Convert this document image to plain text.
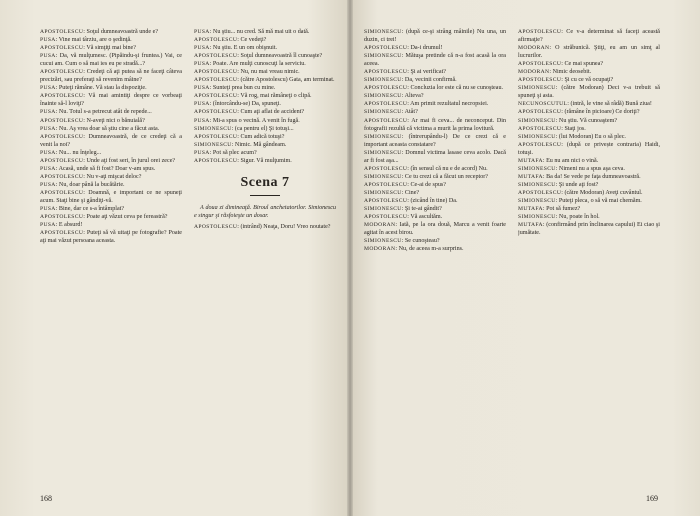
APOSTOLESCU: Soţul dumneavoastră unde e?

PUSA: Vine mai târziu, are o şedinţă.

APOSTOLESCU: Vă simţiţi mai bine?

PUSA: Da, vă mulţumesc. (Pipăindu-şi fruntea.) Vai, ce cucui am. Cum o să mai ies eu pe stradă...?

APOSTOLESCU: Credeţi că aţi putea să ne faceţi câteva precizări, sau preferaţi să revenim mâine?

PUSA: Puteţi rămâne. Vă stau la dispoziţie.

APOSTOLESCU: Vă mai amintiţi despre ce vorbeaţi înainte să-l loviţi?

PUSA: Nu. Totul s-a petrecut atât de repede...

APOSTOLESCU: N-aveţi nici o bănuială?

PUSA: Nu. Aş vrea doar să ştiu cine a făcut asta.

APOSTOLESCU: Dumneavoastră, de ce credeţi că a venit la noi?

PUSA: Nu... nu înţeleg...

APOSTOLESCU: Unde aţi fost seri, în jurul orei zece?

PUSA: Acasă, unde să fi fost? Doar v-am spus.

APOSTOLESCU: Nu v-aţi mişcat deloc?

PUSA: Nu, doar până la bucătărie.

APOSTOLESCU: Doamnă, e important ce ne spuneţi acum. Staţi bine şi gândiţi-vă.

PUSA: Bine, dar ce s-a întâmplat?

APOSTOLESCU: Poate aţi văzut ceva pe fereastră?

PUSA: E absurd!

APOSTOLESCU: Puteţi să vă uitaţi pe fotografie? Poate aţi mai văzut persoana aceasta.

PUSA: Nu ştiu... nu cred. Să mă mai uit o dată.

APOSTOLESCU: Ce vedeţi?

PUSA: Nu ştiu. E un om obişnuit.

APOSTOLESCU: Soţul dumneavoastră îl cunoaşte?

PUSA: Poate. Are mulţi cunoscuţi la serviciu.

APOSTOLESCU: Nu, nu mai vreau nimic.

APOSTOLESCU: (către Apostolescu) Gata, am terminat.

PUSA: Sunteţi prea bun cu mine.

APOSTOLESCU: Vă rog, mai rămâneţi o clipă.

PUSA: (întorcându-se) Da, spuneţi.

APOSTOLESCU: Cum aţi aflat de accident?

PUSA: Mi-a spus o vecină. A venit în fugă.

SIMIONESCU: (ca pentru el) Şi totuşi...

APOSTOLESCU: Cum adică totuşi?

SIMIONESCU: Nimic. Mă gândeam.

PUSA: Pot să plec acum?

APOSTOLESCU: Sigur. Vă mulţumim.

Scena 7
A doua zi dimineaţă. Biroul anchetatorilor. Simionescu e singur şi răsfoieşte un dosar.

APOSTOLESCU: (intrând) Neaţa, Doru! Vreo noutate?

168

SIMIONESCU: (după ce-şi strâng mâinile) Nu una, un duzin, ci trei!

APOSTOLESCU: Da-i drumul!

SIMIONESCU: Mătuşa pretinde că n-a fost acasă la ora aceea.

APOSTOLESCU: Şi ai verificat?

SIMIONESCU: Da, vecinii confirmă.

APOSTOLESCU: Concluzia lor este că nu se cunoşteau.

SIMIONESCU: Alteva?

APOSTOLESCU: Am primit rezultatul necropsiei.

SIMIONESCU: Atât?

APOSTOLESCU: Ar mai fi ceva... de neconceput. Din fotografii rezultă că victima a murit la prima lovitură.

SIMIONESCU: (întrerupându-l) De ce crezi că e important aceasta constatare?

SIMIONESCU: Domnul victima lasase ceva acolo. Dacă ar fi fost aşa...

APOSTOLESCU: (în sensul că nu e de acord) Nu.

SIMIONESCU: Ce tu crezi că a făcut un receptor?

APOSTOLESCU: Ce-ai de spus?

SIMIONESCU: Cine?

APOSTOLESCU: (zicând în tine) Da.

SIMIONESCU: Şi te-ai gândit?

APOSTOLESCU: Vă ascultăm.

MODORAN: Iată, pe la ora două, Marcu a venit foarte agitat în acest birou.

SIMIONESCU: Se cunoşteau?

MODORAN: Nu, de aceea m-a surprins.

APOSTOLESCU: Ce v-a determinat să faceţi această afirmaţie?

MODORAN: O străbunică. Ştiţi, eu am un simţ al lucrurilor.

APOSTOLESCU: Ce mai spunea?

MODORAN: Nimic deosebit.

APOSTOLESCU: Şi cu ce vă ocupaţi?

SIMIONESCU: (către Modoran) Deci v-a trebuit să spuneţi şi asta.

NECUNOSCUTUL: (intră, le vine să râdă) Bună ziua!

APOSTOLESCU: (rămâne în picioare) Ce doriţi?

SIMIONESCU: Nu ştiu. Vă cunoaştem?

APOSTOLESCU: Staţi jos.

SIMIONESCU: (lui Modoran) Eu o să plec.

APOSTOLESCU: (după ce privește contraria) Haidi, totuşi.

MUTAFA: Eu nu am nici o vină.

SIMIONESCU: Nimeni nu a spus aşa ceva.

MUTAFA: Ba da! Se vede pe faţa dumneavoastră.

SIMIONESCU: Şi unde aţi fost?

APOSTOLESCU: (către Modoran) Aveţi cuvântul.

SIMIONESCU: Puteţi pleca, o să vă mai chemăm.

MUTAFA: Pot să fumez?

SIMIONESCU: Nu, poate în hol.

MUTAFA: (confirmând prin înclinarea capului) Ei ciao şi jumătate.

169
